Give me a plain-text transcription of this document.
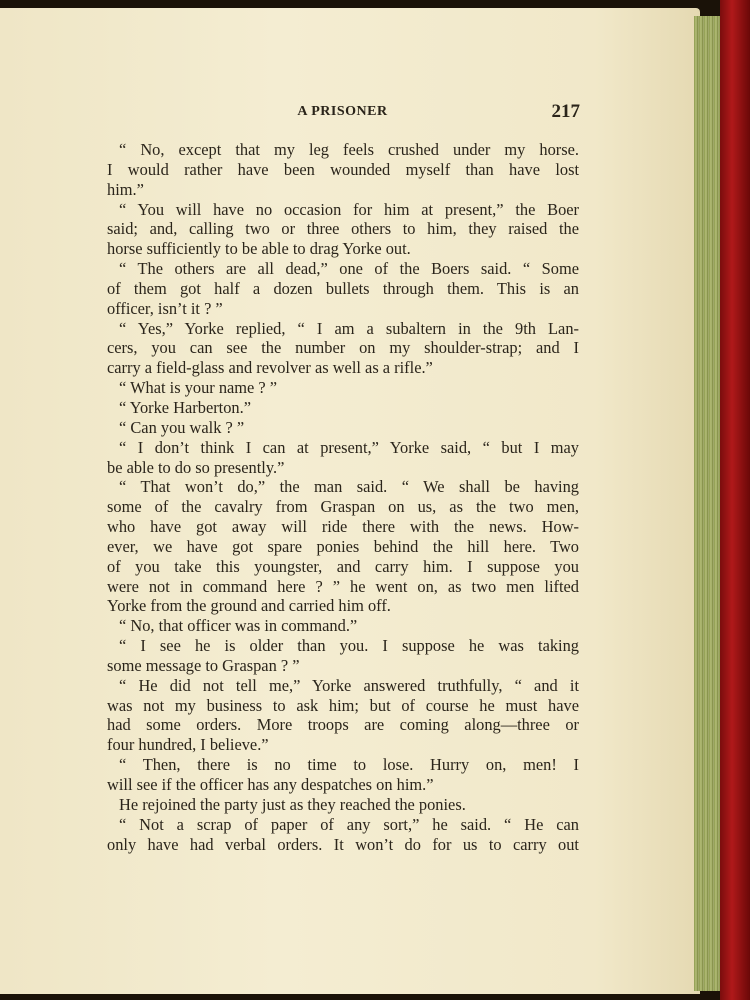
A PRISONER	217
“ No, except that my leg feels crushed under my horse.
I would rather have been wounded myself than have lost
him.”
“ You will have no occasion for him at present,” the Boer
said; and, calling two or three others to him, they raised the
horse sufficiently to be able to drag Yorke out.
“ The others are all dead,” one of the Boers said. “ Some
of them got half a dozen bullets through them. This is an
officer, isn’t it ? ”
“ Yes,” Yorke replied, “ I am a subaltern in the 9th Lan-
cers, you can see the number on my shoulder-strap; and I
carry a field-glass and revolver as well as a rifle.”
“ What is your name ? ”
“ Yorke Harberton.”
“ Can you walk ? ”
“ I don’t think I can at present,” Yorke said, “ but I may
be able to do so presently.”
“ That won’t do,” the man said. “ We shall be having
some of the cavalry from Graspan on us, as the two men,
who have got away will ride there with the news. How-
ever, we have got spare ponies behind the hill here. Two
of you take this youngster, and carry him. I suppose you
were not in command here ? ” he went on, as two men lifted
Yorke from the ground and carried him off.
“ No, that officer was in command.”
“ I see he is older than you. I suppose he was taking
some message to Graspan ? ”
“ He did not tell me,” Yorke answered truthfully, “ and it
was not my business to ask him; but of course he must have
had some orders. More troops are coming along—three or
four hundred, I believe.”
“ Then, there is no time to lose. Hurry on, men! I
will see if the officer has any despatches on him.”
He rejoined the party just as they reached the ponies.
“ Not a scrap of paper of any sort,” he said. “ He can
only have had verbal orders. It won’t do for us to carry out
